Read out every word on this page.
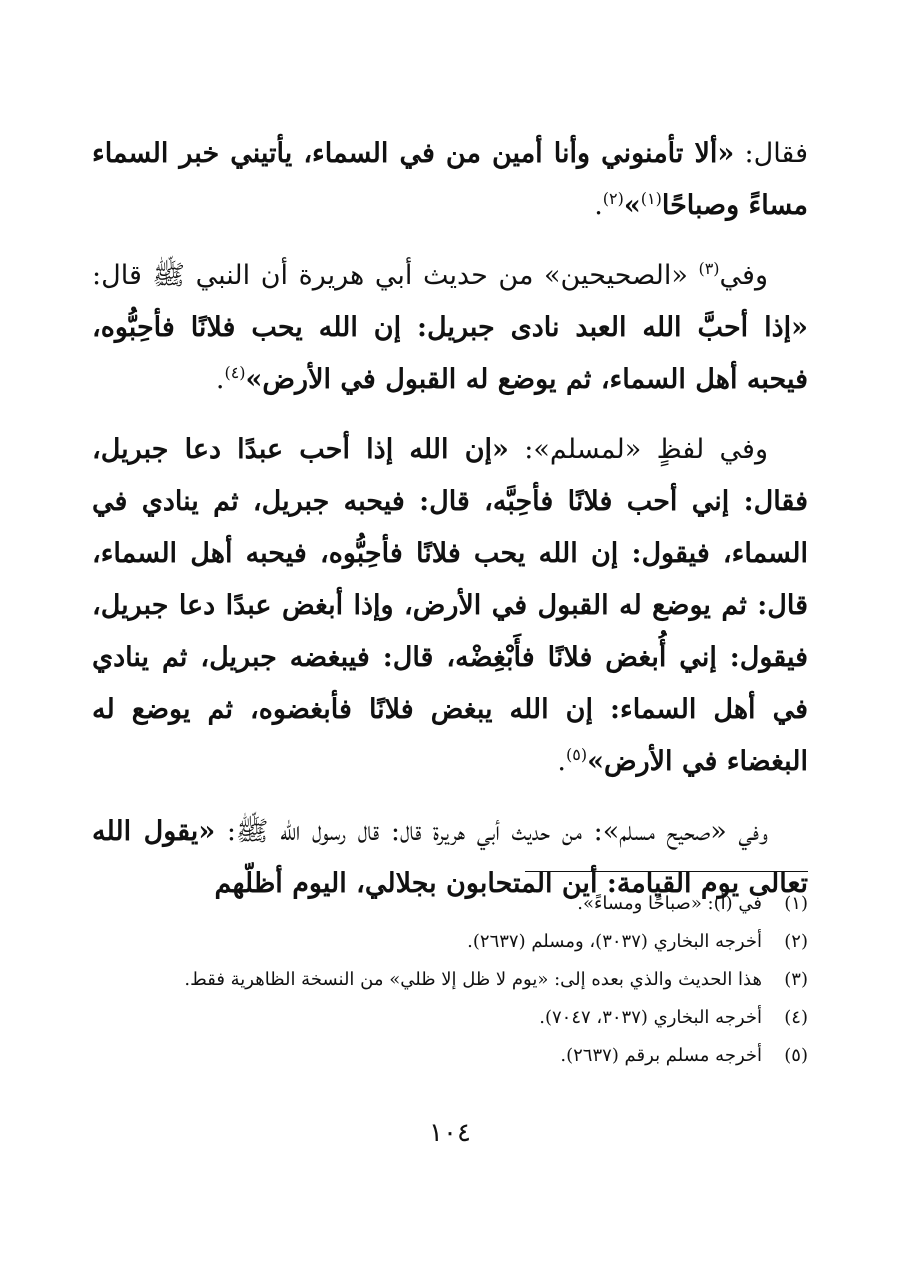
فقال: «ألا تأمنوني وأنا أمين من في السماء، يأتيني خبر السماء مساءً وصباحًا$^{(١)}$»$^{(٢)}$.

وفي$^{(٣)}$ «الصحيحين» من حديث أبي هريرة أن النبي ﷺ قال: «إذا أحبَّ الله العبد نادى جبريل: إن الله يحب فلانًا فأحِبُّوه، فيحبه أهل السماء، ثم يوضع له القبول في الأرض»$^{(٤)}$.

وفي لفظٍ «لمسلم»: «إن الله إذا أحب عبدًا دعا جبريل، فقال: إني أحب فلانًا فأحِبَّه، قال: فيحبه جبريل، ثم ينادي في السماء، فيقول: إن الله يحب فلانًا فأحِبُّوه، فيحبه أهل السماء، قال: ثم يوضع له القبول في الأرض، وإذا أبغض عبدًا دعا جبريل، فيقول: إني أُبغض فلانًا فأَبْغِضْه، قال: فيبغضه جبريل، ثم ينادي في أهل السماء: إن الله يبغض فلانًا فأبغضوه، ثم يوضع له البغضاء في الأرض»$^{(٥)}$.

وفي «صحيح مسلم»: من حديث أبي هريرة قال: قال رسول الله ﷺ: «يقول الله تعالى يوم القيامة: أين المتحابون بجلالي، اليوم أظلّهم

(١)
في (أ): «صباحًا ومساءً».
(٢)
أخرجه البخاري (٣٠٣٧)، ومسلم (٢٦٣٧).
(٣)
هذا الحديث والذي بعده إلى: «يوم لا ظل إلا ظلي» من النسخة الظاهرية فقط.
(٤)
أخرجه البخاري (٣٠٣٧، ٧٠٤٧).
(٥)
أخرجه مسلم برقم (٢٦٣٧).
١٠٤
